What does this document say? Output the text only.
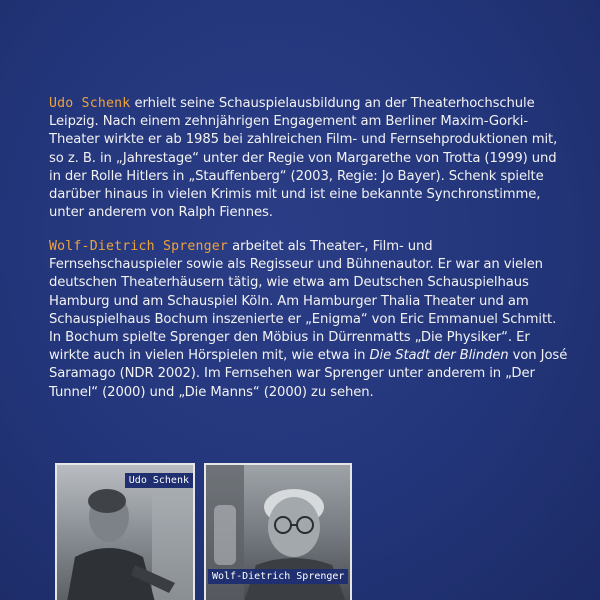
Udo Schenk erhielt seine Schauspielausbildung an der Theaterhochschule Leipzig. Nach einem zehnjährigen Engagement am Berliner Maxim-Gorki-Theater wirkte er ab 1985 bei zahlreichen Film- und Fernsehproduktionen mit, so z. B. in „Jahrestage“ unter der Regie von Margarethe von Trotta (1999) und in der Rolle Hitlers in „Stauffenberg“ (2003, Regie: Jo Bayer). Schenk spielte darüber hinaus in vielen Krimis mit und ist eine bekannte Synchronstimme, unter anderem von Ralph Fiennes.

Wolf-Dietrich Sprenger arbeitet als Theater-, Film- und Fernsehschauspieler sowie als Regisseur und Bühnenautor. Er war an vielen deutschen Theaterhäusern tätig, wie etwa am Deutschen Schauspielhaus Hamburg und am Schauspiel Köln. Am Hamburger Thalia Theater und am Schauspielhaus Bochum inszenierte er „Enigma“ von Eric Emmanuel Schmitt. In Bochum spielte Sprenger den Möbius in Dürrenmatts „Die Physiker“. Er wirkte auch in vielen Hörspielen mit, wie etwa in Die Stadt der Blinden von José Saramago (NDR 2002). Im Fernsehen war Sprenger unter anderem in „Der Tunnel“ (2000) und „Die Manns“ (2000) zu sehen.

Udo Schenk
Wolf-Dietrich Sprenger
